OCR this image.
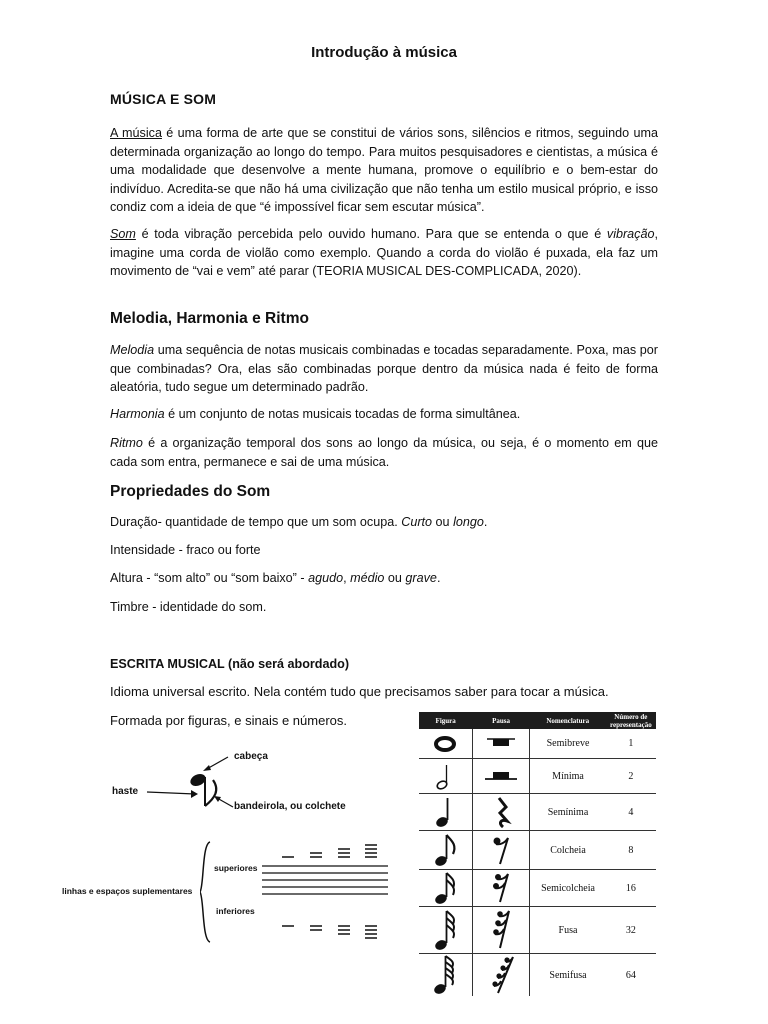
Introdução à música
MÚSICA E SOM
A música é uma forma de arte que se constitui de vários sons, silêncios e ritmos, seguindo uma determinada organização ao longo do tempo. Para muitos pesquisadores e cientistas, a música é uma modalidade que desenvolve a mente humana, promove o equilíbrio e o bem-estar do indivíduo. Acredita-se que não há uma civilização que não tenha um estilo musical próprio, e isso condiz com a ideia de que “é impossível ficar sem escutar música”.
Som é toda vibração percebida pelo ouvido humano. Para que se entenda o que é vibração, imagine uma corda de violão como exemplo. Quando a corda do violão é puxada, ela faz um movimento de “vai e vem” até parar (TEORIA MUSICAL DES-COMPLICADA, 2020).
Melodia, Harmonia e Ritmo
Melodia uma sequência de notas musicais combinadas e tocadas separadamente. Poxa, mas por que combinadas? Ora, elas são combinadas porque dentro da música nada é feito de forma aleatória, tudo segue um determinado padrão.
Harmonia é um conjunto de notas musicais tocadas de forma simultânea.
Ritmo é a organização temporal dos sons ao longo da música, ou seja, é o momento em que cada som entra, permanece e sai de uma música.
Propriedades do Som
Duração- quantidade de tempo que um som ocupa. Curto ou longo.
Intensidade - fraco ou forte
Altura - “som alto” ou “som baixo” - agudo, médio ou grave.
Timbre - identidade do som.
ESCRITA MUSICAL (não será abordado)
Idioma universal escrito. Nela contém tudo que precisamos saber para tocar a música.
Formada por figuras, e sinais e números.
cabeça
haste
bandeirola, ou colchete
linhas e espaços suplementares
superiores
inferiores
Figura	Pausa	Nomenclatura	Número de representação
		Semibreve	1
		Mínima	2
		Semínima	4
		Colcheia	8
		Semicolcheia	16
		Fusa	32
		Semifusa	64
